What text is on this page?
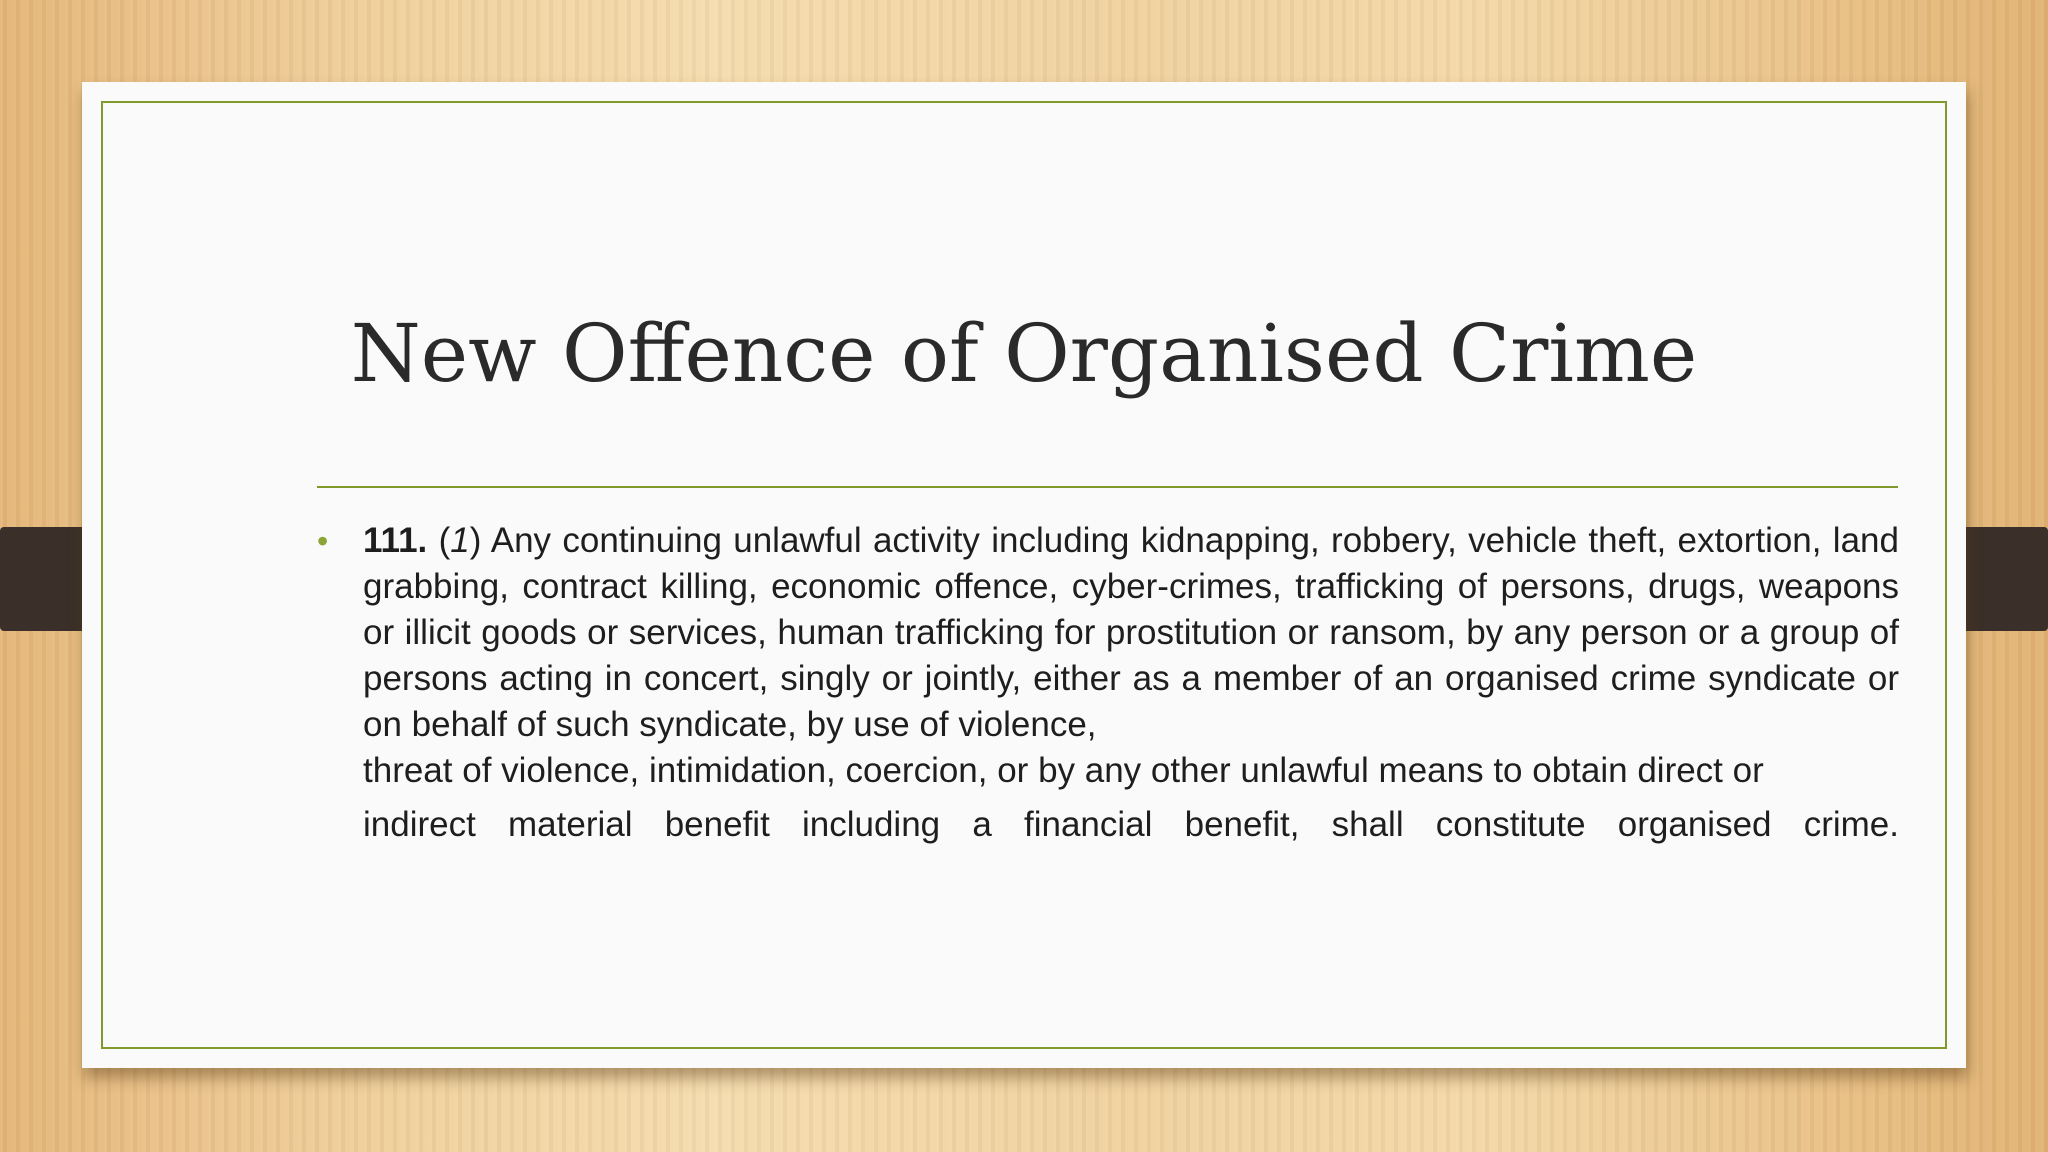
New Offence of Organised Crime
• 111. (1) Any continuing unlawful activity including kidnapping, robbery, vehicle theft, extortion, land grabbing, contract killing, economic offence, cyber-crimes, trafficking of persons, drugs, weapons or illicit goods or services, human trafficking for prostitution or ransom, by any person or a group of persons acting in concert, singly or jointly, either as a member of an organised crime syndicate or on behalf of such syndicate, by use of violence,

threat of violence, intimidation, coercion, or by any other unlawful means to obtain direct or

indirect material benefit including a financial benefit, shall constitute organised crime.
